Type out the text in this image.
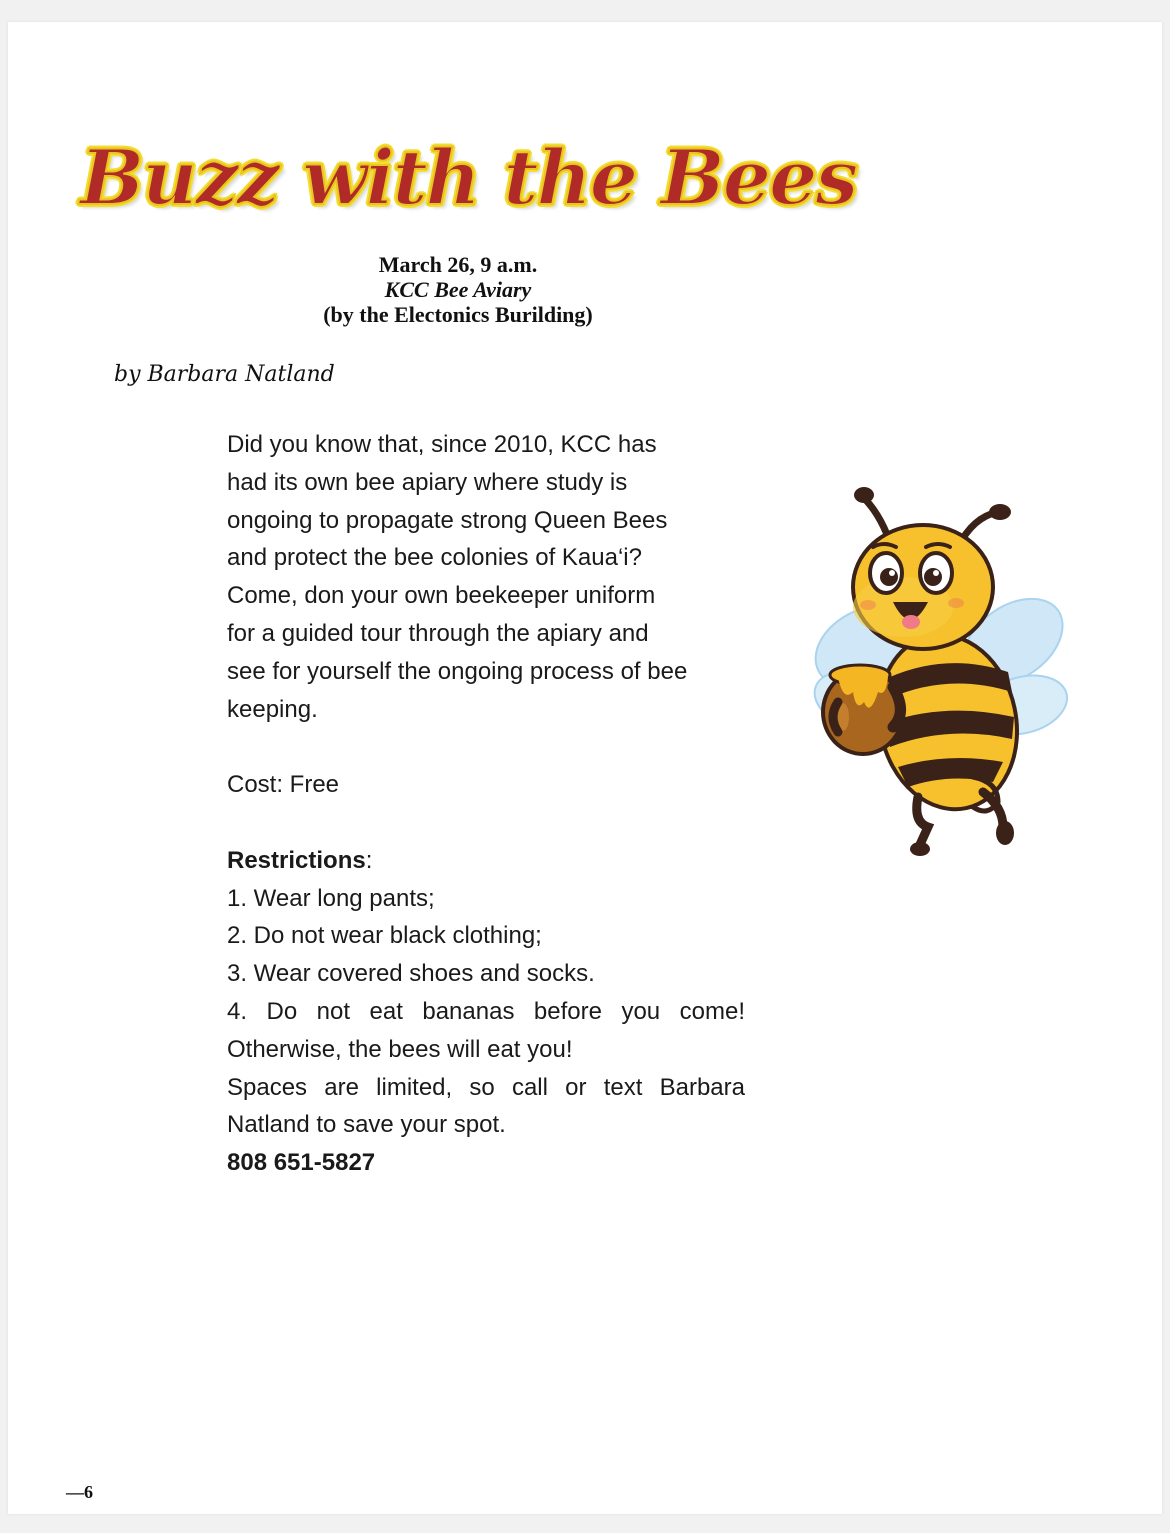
Buzz with the Bees
March 26, 9 a.m.
KCC Bee Aviary
(by the Electonics Burilding)
by Barbara Natland

Did you know that, since 2010, KCC has

had its own bee apiary where study is

ongoing to propagate strong Queen Bees

and protect the bee colonies of Kaua‘i?

Come, don your own beekeeper uniform

for a guided tour through the apiary and

see for yourself the ongoing process of bee

keeping.

Cost: Free

Restrictions:

1. Wear long pants;

2. Do not wear black clothing;

3. Wear covered shoes and socks.

4. Do not eat bananas before you come!

Otherwise, the bees will eat you!

Spaces are limited, so call or text Barbara

Natland to save your spot.

808 651-5827

—6
